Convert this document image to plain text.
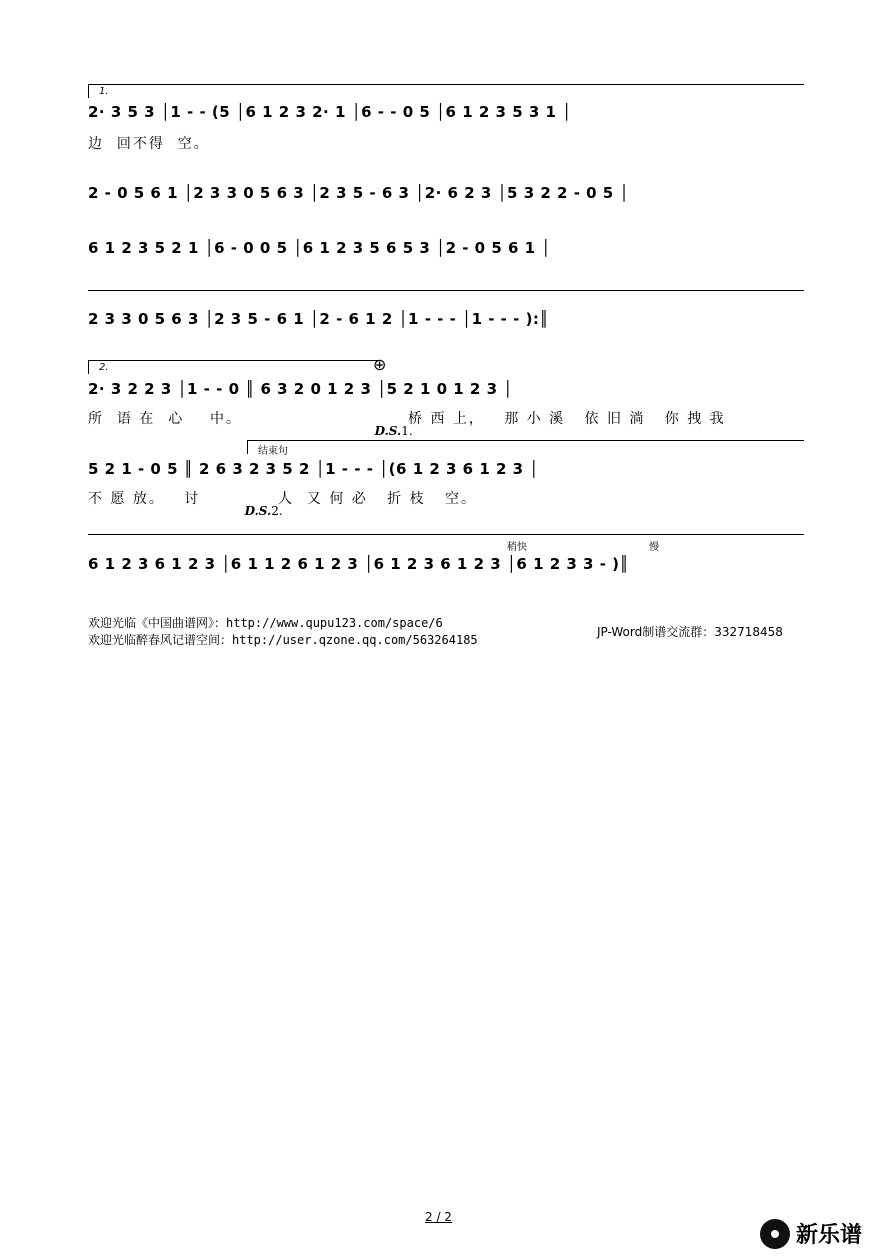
1.
2· 3 5 3 │1 - - (5 │6 1 2 3 2· 1 │6 - - 0 5 │6 1 2 3 5 3 1 │
边  回不得  空。
2 - 0 5 6 1 │2 3 3 0 5 6 3 │2 3 5 - 6 3 │2· 6 2 3 │5 3 2 2 - 0 5 │
6 1 2 3 5 2 1 │6 - 0 0 5 │6 1 2 3 5 6 5 3 │2 - 0 5 6 1 │
2 3 3 0 5 6 3 │2 3 5 - 6 1 │2 - 6 1 2 │1 - - - │1 - - - ):║
2.	⊕
2· 3 2 2 3 │1 - - 0 ║ 6 3 2 0 1 2 3 │5 2 1 0 1 2 3 │
所  语 在  心    中。

D.S.1.

桥 西 上，   那 小 溪   依 旧 淌   你 拽 我
结束句
5 2 1 - 0 5 ║ 2 6 3 2 3 5 2 │1 - - - │(6 1 2 3 6 1 2 3 │
不 愿 放。   讨

D.S.2.

人  又 何 必   折 枝   空。
稍快	慢
6 1 2 3 6 1 2 3 │6 1 1 2 6 1 2 3 │6 1 2 3 6 1 2 3 │6 1 2 3 3 - )║
欢迎光临《中国曲谱网》：http://www.qupu123.com/space/6
欢迎光临醉春风记谱空间：http://user.qzone.qq.com/563264185
JP-Word制谱交流群：332718458
2 / 2
新乐谱
